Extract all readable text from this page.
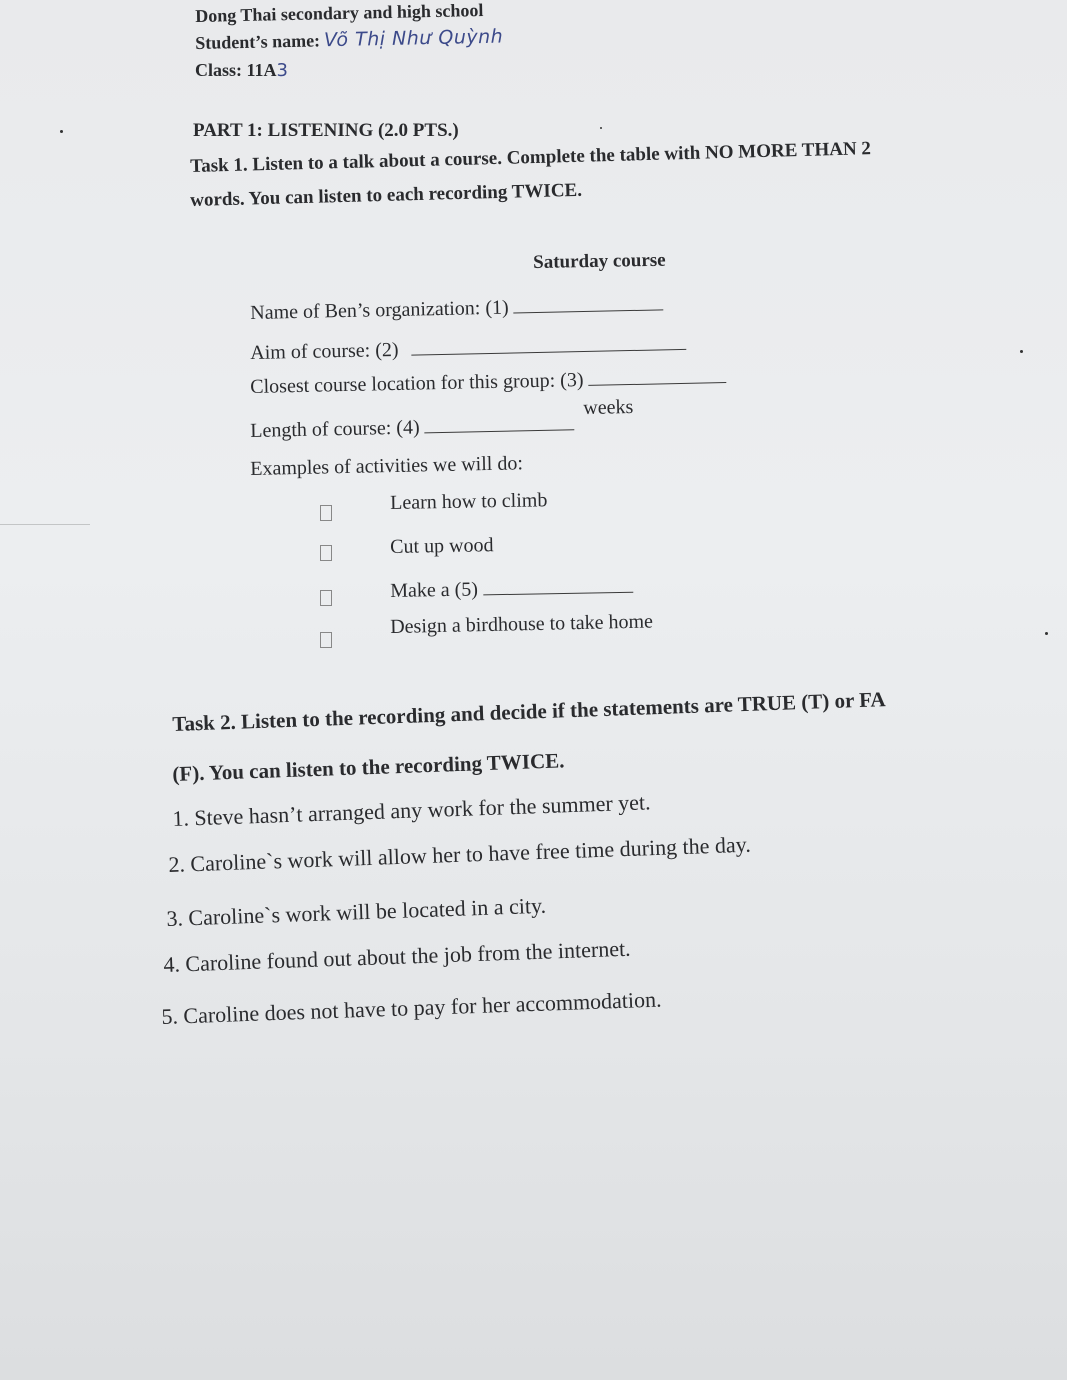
Dong Thai secondary and high school
Student’s name: Võ Thị Như Quỳnh
Class: 11A3
PART 1: LISTENING (2.0 PTS.)
Task 1. Listen to a talk about a course. Complete the table with NO MORE THAN 2
words. You can listen to each recording TWICE.
Saturday course
Name of Ben’s organization: (1)
Aim of course: (2)
Closest course location for this group: (3)
Length of course: (4)  weeks
Examples of activities we will do:
Learn how to climb
Cut up wood
Make a (5)
Design a birdhouse to take home
Task 2. Listen to the recording and decide if the statements are TRUE (T) or FA
(F). You can listen to the recording TWICE.
1. Steve hasnʼt arranged any work for the summer yet.
2. Carolineˋs work will allow her to have free time during the day.
3. Carolineˋs work will be located in a city.
4. Caroline found out about the job from the internet.
5. Caroline does not have to pay for her accommodation.
